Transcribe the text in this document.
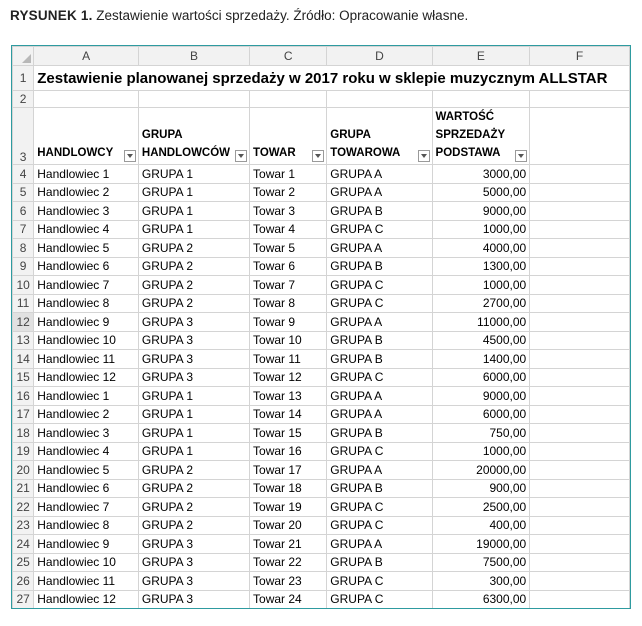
RYSUNEK 1. Zestawienie wartości sprzedaży. Źródło: Opracowanie własne.
	A	B	C	D	E	F
1	Zestawienie planowanej sprzedaży w 2017 roku w sklepie muzycznym ALLSTAR					
2						
3	HANDLOWCY	GRUPA HANDLOWCÓW	TOWAR	GRUPA TOWAROWA	WARTOŚĆ SPRZEDAŻY PODSTAWA	

4	Handlowiec 1	GRUPA 1	Towar 1	GRUPA A	3000,00	
5	Handlowiec 2	GRUPA 1	Towar 2	GRUPA A	5000,00	
6	Handlowiec 3	GRUPA 1	Towar 3	GRUPA B	9000,00	
7	Handlowiec 4	GRUPA 1	Towar 4	GRUPA C	1000,00	
8	Handlowiec 5	GRUPA 2	Towar 5	GRUPA A	4000,00	
9	Handlowiec 6	GRUPA 2	Towar 6	GRUPA B	1300,00	
10	Handlowiec 7	GRUPA 2	Towar 7	GRUPA C	1000,00	
11	Handlowiec 8	GRUPA 2	Towar 8	GRUPA C	2700,00	
12	Handlowiec 9	GRUPA 3	Towar 9	GRUPA A	11000,00	
13	Handlowiec 10	GRUPA 3	Towar 10	GRUPA B	4500,00	
14	Handlowiec 11	GRUPA 3	Towar 11	GRUPA B	1400,00	
15	Handlowiec 12	GRUPA 3	Towar 12	GRUPA C	6000,00	
16	Handlowiec 1	GRUPA 1	Towar 13	GRUPA A	9000,00	
17	Handlowiec 2	GRUPA 1	Towar 14	GRUPA A	6000,00	
18	Handlowiec 3	GRUPA 1	Towar 15	GRUPA B	750,00	
19	Handlowiec 4	GRUPA 1	Towar 16	GRUPA C	1000,00	
20	Handlowiec 5	GRUPA 2	Towar 17	GRUPA A	20000,00	
21	Handlowiec 6	GRUPA 2	Towar 18	GRUPA B	900,00	
22	Handlowiec 7	GRUPA 2	Towar 19	GRUPA C	2500,00	
23	Handlowiec 8	GRUPA 2	Towar 20	GRUPA C	400,00	
24	Handlowiec 9	GRUPA 3	Towar 21	GRUPA A	19000,00	
25	Handlowiec 10	GRUPA 3	Towar 22	GRUPA B	7500,00	
26	Handlowiec 11	GRUPA 3	Towar 23	GRUPA C	300,00	
27	Handlowiec 12	GRUPA 3	Towar 24	GRUPA C	6300,00	
